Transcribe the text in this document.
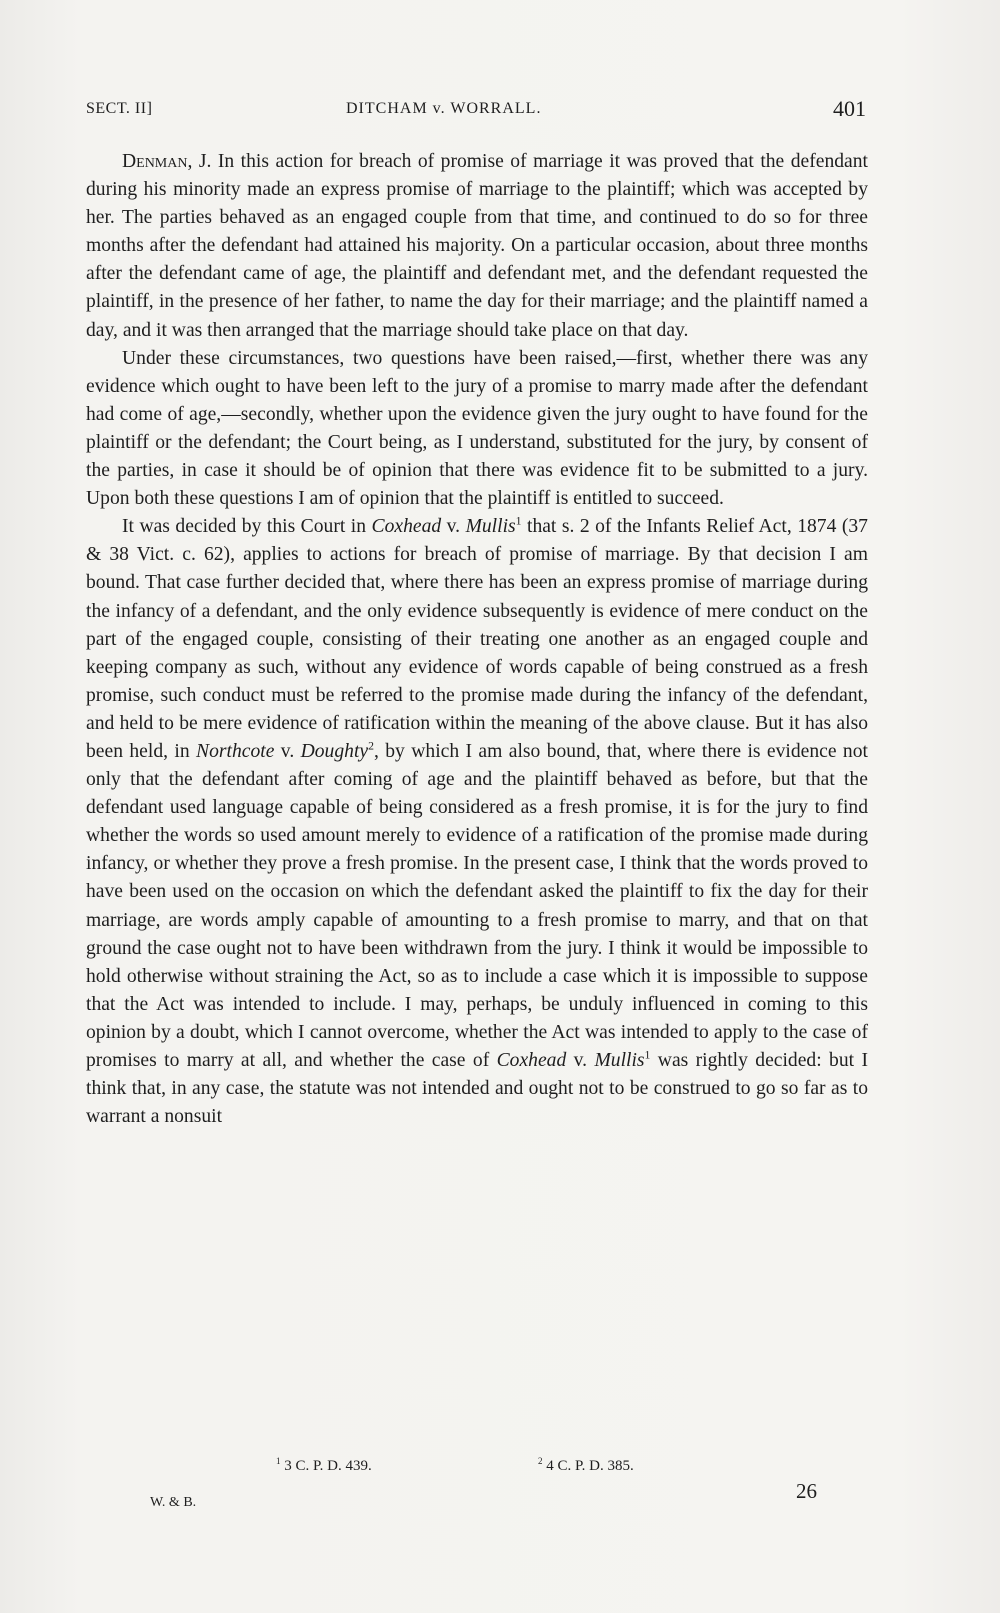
SECT. II]	DITCHAM v. WORRALL.	401

Denman, J. In this action for breach of promise of marriage it was proved that the defendant during his minority made an express promise of marriage to the plaintiff; which was accepted by her. The parties behaved as an engaged couple from that time, and continued to do so for three months after the defendant had attained his majority. On a particular occasion, about three months after the defendant came of age, the plaintiff and defendant met, and the defendant requested the plaintiff, in the presence of her father, to name the day for their marriage; and the plaintiff named a day, and it was then arranged that the marriage should take place on that day.

Under these circumstances, two questions have been raised,—first, whether there was any evidence which ought to have been left to the jury of a promise to marry made after the defendant had come of age,—secondly, whether upon the evidence given the jury ought to have found for the plaintiff or the defendant; the Court being, as I understand, substituted for the jury, by consent of the parties, in case it should be of opinion that there was evidence fit to be submitted to a jury. Upon both these questions I am of opinion that the plaintiff is entitled to succeed.

It was decided by this Court in Coxhead v. Mullis$^1$ that s. 2 of the Infants Relief Act, 1874 (37 & 38 Vict. c. 62), applies to actions for breach of promise of marriage. By that decision I am bound. That case further decided that, where there has been an express promise of marriage during the infancy of a defendant, and the only evidence subsequently is evidence of mere conduct on the part of the engaged couple, consisting of their treating one another as an engaged couple and keeping company as such, without any evidence of words capable of being construed as a fresh promise, such conduct must be referred to the promise made during the infancy of the defendant, and held to be mere evidence of ratification within the meaning of the above clause. But it has also been held, in Northcote v. Doughty$^2$, by which I am also bound, that, where there is evidence not only that the defendant after coming of age and the plaintiff behaved as before, but that the defendant used language capable of being considered as a fresh promise, it is for the jury to find whether the words so used amount merely to evidence of a ratification of the promise made during infancy, or whether they prove a fresh promise. In the present case, I think that the words proved to have been used on the occasion on which the defendant asked the plaintiff to fix the day for their marriage, are words amply capable of amounting to a fresh promise to marry, and that on that ground the case ought not to have been withdrawn from the jury. I think it would be impossible to hold otherwise without straining the Act, so as to include a case which it is impossible to suppose that the Act was intended to include. I may, perhaps, be unduly influenced in coming to this opinion by a doubt, which I cannot overcome, whether the Act was intended to apply to the case of promises to marry at all, and whether the case of Coxhead v. Mullis$^1$ was rightly decided: but I think that, in any case, the statute was not intended and ought not to be construed to go so far as to warrant a nonsuit

$^1$ 3 C. P. D. 439.	$^2$ 4 C. P. D. 385.
W. & B.	26
